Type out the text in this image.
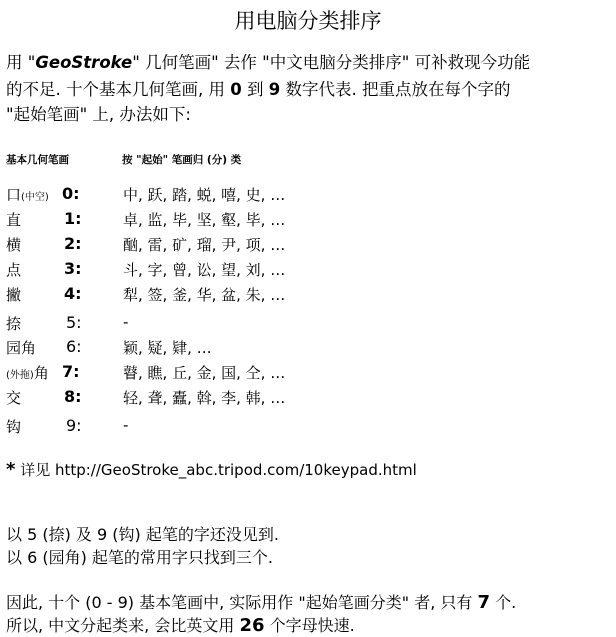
用电脑分类排序
用 "GeoStroke" 几何笔画" 去作 "中文电脑分类排序" 可补救现今功能
的不足. 十个基本几何笔画, 用 0 到 9 数字代表. 把重点放在每个字的
"起始笔画" 上, 办法如下:
基本几何笔画	按 "起始" 笔画归 (分) 类
口(中空) 0:	中, 跃, 踏, 蜕, 嘻, 史, …
直	1:	卓, 监, 毕, 坚, 壑, 毕, …
横	2:	酗, 雷, 矿, 瑠, 尹, 项, …
点	3:	斗, 字, 曾, 讼, 望, 刘, …
撇	4:	犁, 签, 釜, 华, 盆, 朱, …
捺	5:	-
园角 6:	颖, 疑, 肄, …
(外拖)角 7:	瞽, 瞧, 丘, 金, 国, 仝, …
交	8:	轻, 聋, 蠹, 斡, 李, 韩, …
钩	9:	-
* 详见 http://GeoStroke_abc.tripod.com/10keypad.html
以 5 (捺) 及 9 (钩) 起笔的字还没见到.
以 6 (园角) 起笔的常用字只找到三个.
因此, 十个 (0 - 9) 基本笔画中, 实际用作 "起始笔画分类" 者, 只有 7 个.
所以, 中文分起类来, 会比英文用 26 个字母快速.
